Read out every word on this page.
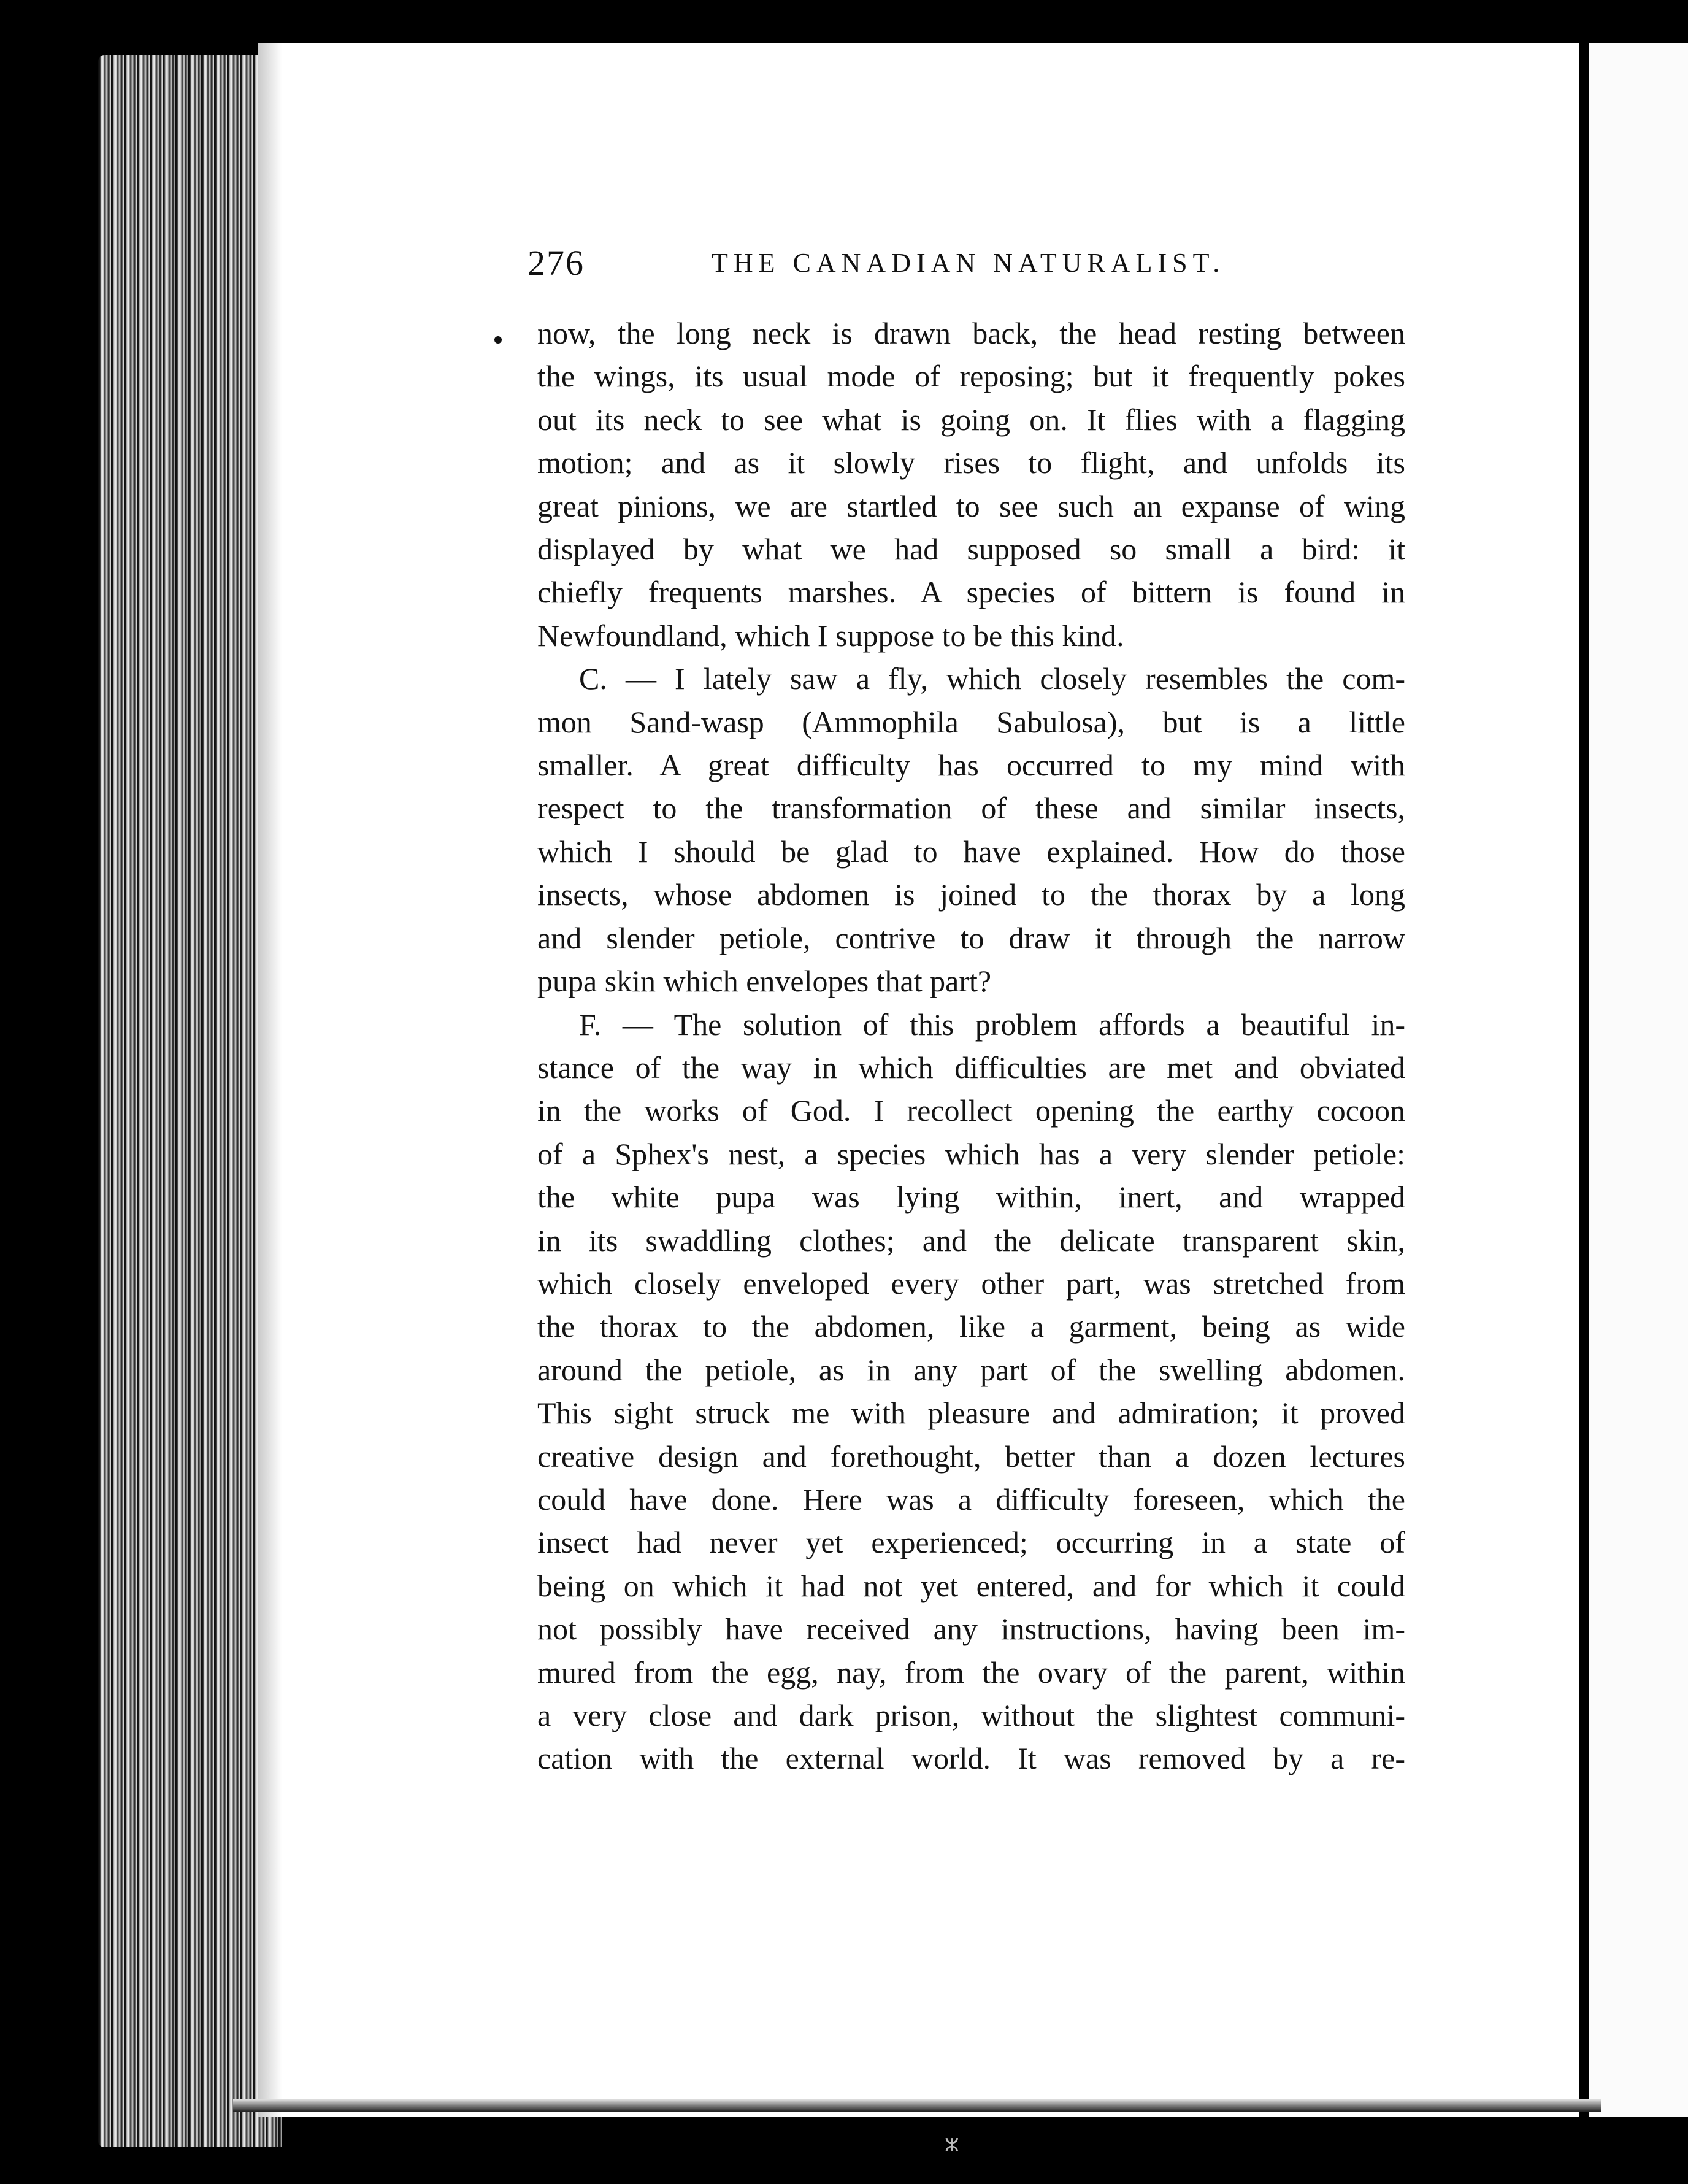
276	THE CANADIAN NATURALIST.

now, the long neck is drawn back, the head resting between

the wings, its usual mode of reposing; but it frequently pokes

out its neck to see what is going on. It flies with a flagging

motion; and as it slowly rises to flight, and unfolds its

great pinions, we are startled to see such an expanse of wing

displayed by what we had supposed so small a bird: it

chiefly frequents marshes. A species of bittern is found in

Newfoundland, which I suppose to be this kind.

C. — I lately saw a fly, which closely resembles the com-

mon Sand-wasp (Ammophila Sabulosa), but is a little

smaller. A great difficulty has occurred to my mind with

respect to the transformation of these and similar insects,

which I should be glad to have explained. How do those

insects, whose abdomen is joined to the thorax by a long

and slender petiole, contrive to draw it through the narrow

pupa skin which envelopes that part?

F. — The solution of this problem affords a beautiful in-

stance of the way in which difficulties are met and obviated

in the works of God. I recollect opening the earthy cocoon

of a Sphex's nest, a species which has a very slender petiole:

the white pupa was lying within, inert, and wrapped

in its swaddling clothes; and the delicate transparent skin,

which closely enveloped every other part, was stretched from

the thorax to the abdomen, like a garment, being as wide

around the petiole, as in any part of the swelling abdomen.

This sight struck me with pleasure and admiration; it proved

creative design and forethought, better than a dozen lectures

could have done. Here was a difficulty foreseen, which the

insect had never yet experienced; occurring in a state of

being on which it had not yet entered, and for which it could

not possibly have received any instructions, having been im-

mured from the egg, nay, from the ovary of the parent, within

a very close and dark prison, without the slightest communi-

cation with the external world. It was removed by a re-

ⵣ
